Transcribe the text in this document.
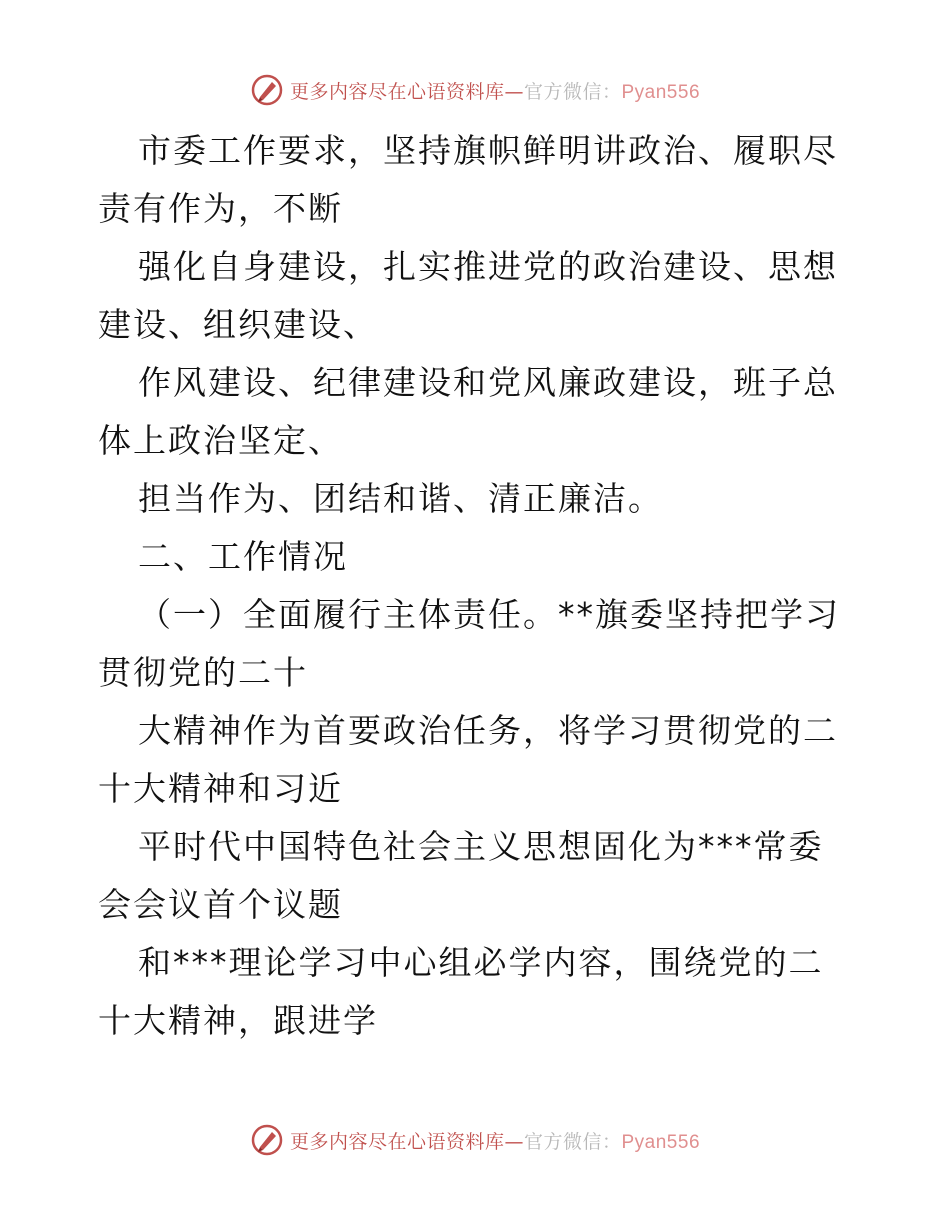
更多内容尽在心语资料库—官方微信：Pyan556

市委工作要求，坚持旗帜鲜明讲政治、履职尽责有作为，不断

强化自身建设，扎实推进党的政治建设、思想建设、组织建设、

作风建设、纪律建设和党风廉政建设，班子总体上政治坚定、

担当作为、团结和谐、清正廉洁。

二、工作情况

（一）全面履行主体责任。**旗委坚持把学习贯彻党的二十

大精神作为首要政治任务，将学习贯彻党的二十大精神和习近

平时代中国特色社会主义思想固化为***常委会会议首个议题

和***理论学习中心组必学内容，围绕党的二十大精神，跟进学

更多内容尽在心语资料库—官方微信：Pyan556
